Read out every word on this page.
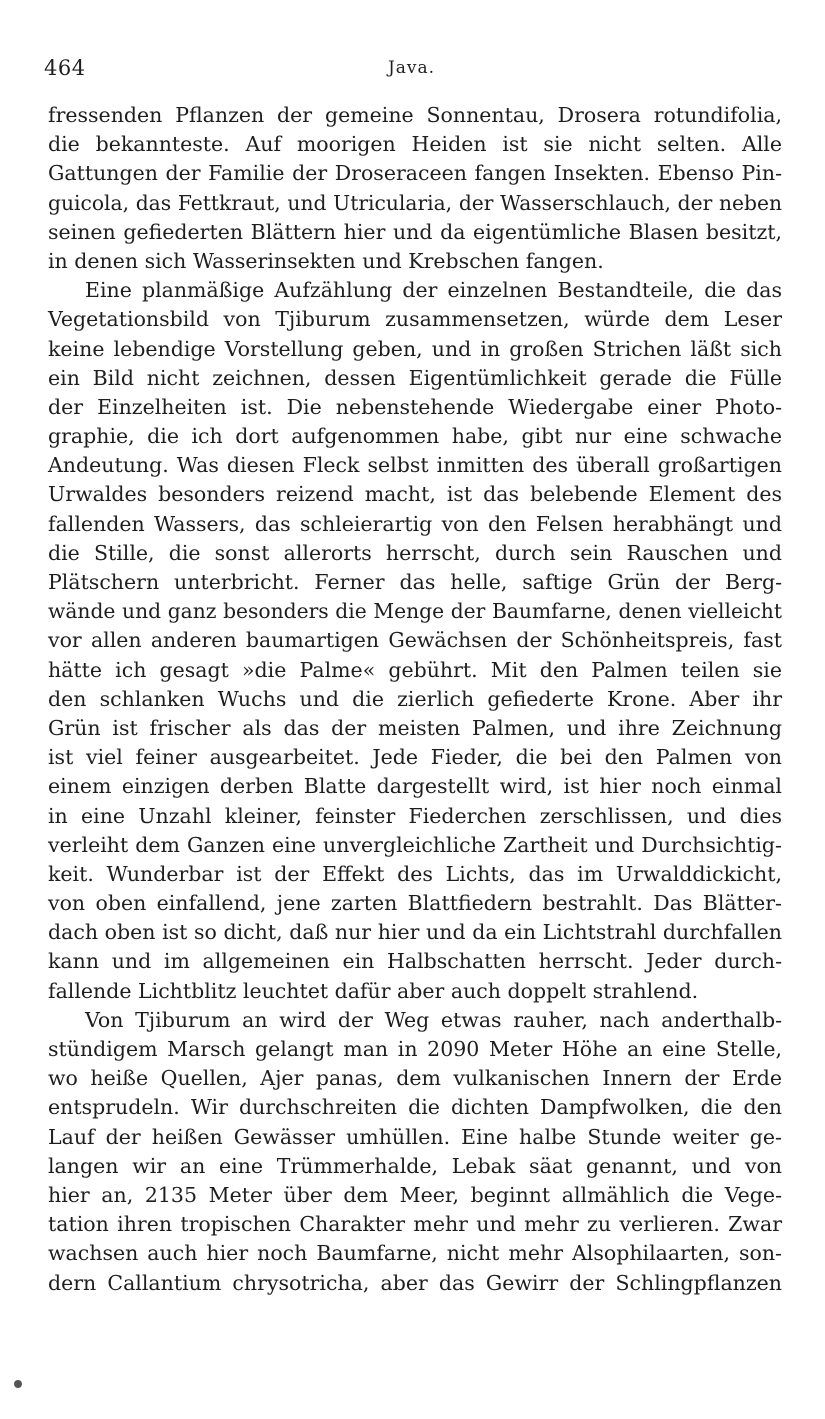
464	Java.
fressenden Pflanzen der gemeine Sonnentau, Drosera rotundifolia,
die bekannteste. Auf moorigen Heiden ist sie nicht selten. Alle
Gattungen der Familie der Droseraceen fangen Insekten. Ebenso Pin-
guicola, das Fettkraut, und Utricularia, der Wasserschlauch, der neben
seinen gefiederten Blättern hier und da eigentümliche Blasen besitzt,
in denen sich Wasserinsekten und Krebschen fangen.
Eine planmäßige Aufzählung der einzelnen Bestandteile, die das
Vegetationsbild von Tjiburum zusammensetzen, würde dem Leser
keine lebendige Vorstellung geben, und in großen Strichen läßt sich
ein Bild nicht zeichnen, dessen Eigentümlichkeit gerade die Fülle
der Einzelheiten ist. Die nebenstehende Wiedergabe einer Photo-
graphie, die ich dort aufgenommen habe, gibt nur eine schwache
Andeutung. Was diesen Fleck selbst inmitten des überall großartigen
Urwaldes besonders reizend macht, ist das belebende Element des
fallenden Wassers, das schleierartig von den Felsen herabhängt und
die Stille, die sonst allerorts herrscht, durch sein Rauschen und
Plätschern unterbricht. Ferner das helle, saftige Grün der Berg-
wände und ganz besonders die Menge der Baumfarne, denen vielleicht
vor allen anderen baumartigen Gewächsen der Schönheitspreis, fast
hätte ich gesagt »die Palme« gebührt. Mit den Palmen teilen sie
den schlanken Wuchs und die zierlich gefiederte Krone. Aber ihr
Grün ist frischer als das der meisten Palmen, und ihre Zeichnung
ist viel feiner ausgearbeitet. Jede Fieder, die bei den Palmen von
einem einzigen derben Blatte dargestellt wird, ist hier noch einmal
in eine Unzahl kleiner, feinster Fiederchen zerschlissen, und dies
verleiht dem Ganzen eine unvergleichliche Zartheit und Durchsichtig-
keit. Wunderbar ist der Effekt des Lichts, das im Urwalddickicht,
von oben einfallend, jene zarten Blattfiedern bestrahlt. Das Blätter-
dach oben ist so dicht, daß nur hier und da ein Lichtstrahl durchfallen
kann und im allgemeinen ein Halbschatten herrscht. Jeder durch-
fallende Lichtblitz leuchtet dafür aber auch doppelt strahlend.
Von Tjiburum an wird der Weg etwas rauher, nach anderthalb-
stündigem Marsch gelangt man in 2090 Meter Höhe an eine Stelle,
wo heiße Quellen, Ajer panas, dem vulkanischen Innern der Erde
entsprudeln. Wir durchschreiten die dichten Dampfwolken, die den
Lauf der heißen Gewässer umhüllen. Eine halbe Stunde weiter ge-
langen wir an eine Trümmerhalde, Lebak säat genannt, und von
hier an, 2135 Meter über dem Meer, beginnt allmählich die Vege-
tation ihren tropischen Charakter mehr und mehr zu verlieren. Zwar
wachsen auch hier noch Baumfarne, nicht mehr Alsophilaarten, son-
dern Callantium chrysotricha, aber das Gewirr der Schlingpflanzen
